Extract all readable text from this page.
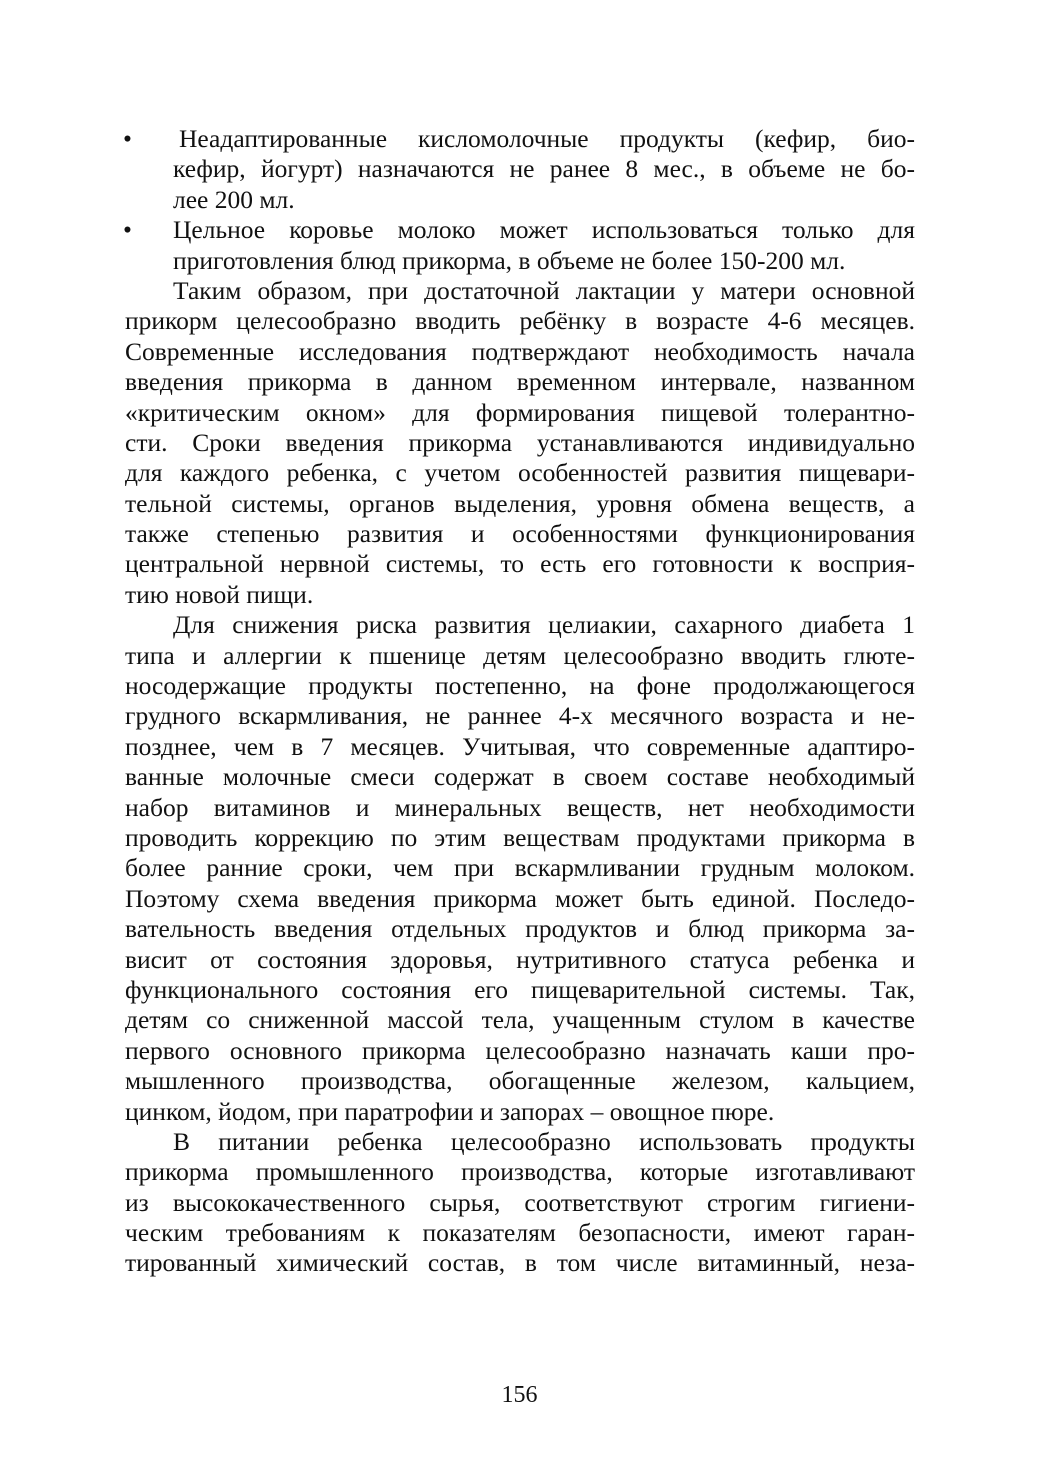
• Неадаптированные кисломолочные продукты (кефир, био-
кефир, йогурт) назначаются не ранее 8 мес., в объеме не бо-
лее 200 мл.
• Цельное коровье молоко может использоваться только для
приготовления блюд прикорма, в объеме не более 150-200 мл.
Таким образом, при достаточной лактации у матери основной
прикорм целесообразно вводить ребёнку в возрасте 4-6 месяцев.
Современные исследования подтверждают необходимость начала
введения прикорма в данном временном интервале, названном
«критическим окном» для формирования пищевой толерантно-
сти. Сроки введения прикорма устанавливаются индивидуально
для каждого ребенка, с учетом особенностей развития пищевари-
тельной системы, органов выделения, уровня обмена веществ, а
также степенью развития и особенностями функционирования
центральной нервной системы, то есть его готовности к восприя-
тию новой пищи.
Для снижения риска развития целиакии, сахарного диабета 1
типа и аллергии к пшенице детям целесообразно вводить глюте-
носодержащие продукты постепенно, на фоне продолжающегося
грудного вскармливания, не раннее 4-х месячного возраста и не-
позднее, чем в 7 месяцев. Учитывая, что современные адаптиро-
ванные молочные смеси содержат в своем составе необходимый
набор витаминов и минеральных веществ, нет необходимости
проводить коррекцию по этим веществам продуктами прикорма в
более ранние сроки, чем при вскармливании грудным молоком.
Поэтому схема введения прикорма может быть единой. Последо-
вательность введения отдельных продуктов и блюд прикорма за-
висит от состояния здоровья, нутритивного статуса ребенка и
функционального состояния его пищеварительной системы. Так,
детям со сниженной массой тела, учащенным стулом в качестве
первого основного прикорма целесообразно назначать каши про-
мышленного производства, обогащенные железом, кальцием,
цинком, йодом, при паратрофии и запорах – овощное пюре.
В питании ребенка целесообразно использовать продукты
прикорма промышленного производства, которые изготавливают
из высококачественного сырья, соответствуют строгим гигиени-
ческим требованиям к показателям безопасности, имеют гаран-
тированный химический состав, в том числе витаминный, неза-
156
